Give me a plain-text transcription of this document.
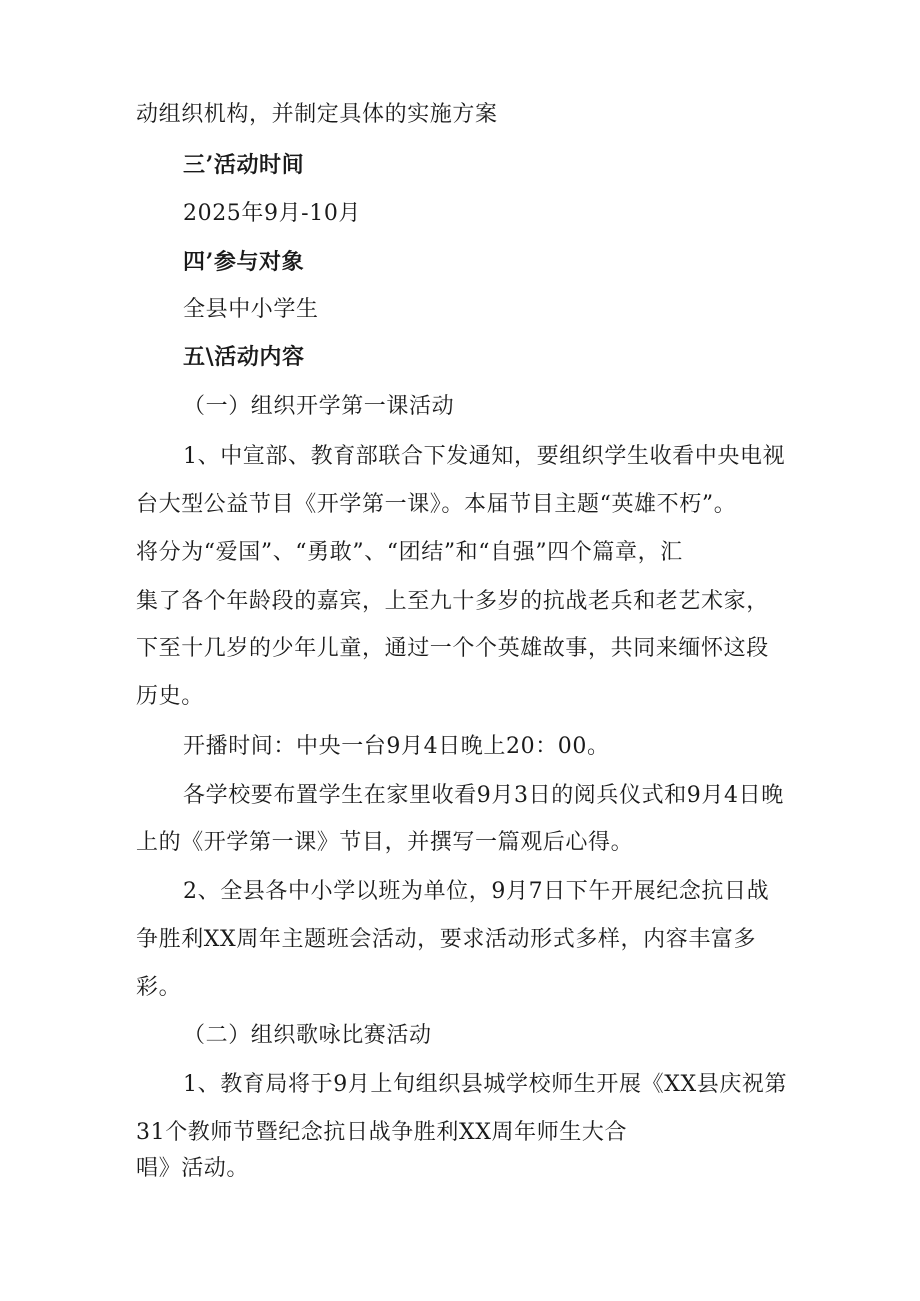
动组织机构，并制定具体的实施方案
三’活动时间
2025年9月-10月
四’参与对象
全县中小学生
五\活动内容
（一）组织开学第一课活动
1、中宣部、教育部联合下发通知，要组织学生收看中央电视
台大型公益节目《开学第一课》。本届节目主题“英雄不朽”。
将分为“爱国”、“勇敢”、“团结”和“自强”四个篇章，汇
集了各个年龄段的嘉宾，上至九十多岁的抗战老兵和老艺术家，
下至十几岁的少年儿童，通过一个个英雄故事，共同来缅怀这段
历史。
开播时间：中央一台9月4日晚上20：00。
各学校要布置学生在家里收看9月3日的阅兵仪式和9月4日晚
上的《开学第一课》节目，并撰写一篇观后心得。
2、全县各中小学以班为单位，9月7日下午开展纪念抗日战
争胜利XX周年主题班会活动，要求活动形式多样，内容丰富多
彩。
（二）组织歌咏比赛活动
1、教育局将于9月上旬组织县城学校师生开展《XX县庆祝第
31个教师节暨纪念抗日战争胜利XX周年师生大合
唱》活动。
